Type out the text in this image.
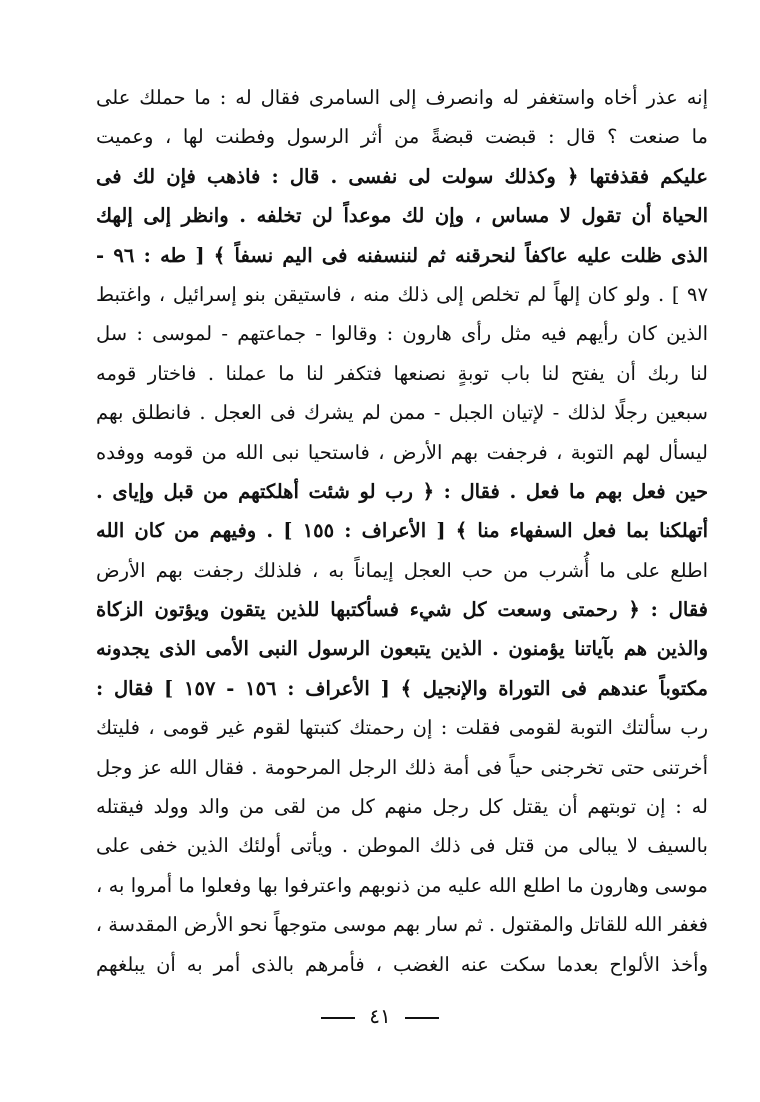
إنه عذر أخاه واستغفر له وانصرف إلى السامرى فقال له : ما حملك على
ما صنعت ؟ قال : قبضت قبضةً من أثر الرسول وفطنت لها ، وعميت
عليكم فقذفتها ﴿ وكذلك سولت لى نفسى . قال : فاذهب فإن لك فى
الحياة أن تقول لا مساس ، وإن لك موعداً لن تخلفه . وانظر إلى إلهك
الذى ظلت عليه عاكفاً لنحرقنه ثم لننسفنه فى اليم نسفاً ﴾ [ طه : ٩٦ -
٩٧ ] . ولو كان إلهاً لم تخلص إلى ذلك منه ، فاستيقن بنو إسرائيل ، واغتبط
الذين كان رأيهم فيه مثل رأى هارون : وقالوا - جماعتهم - لموسى : سل
لنا ربك أن يفتح لنا باب توبةٍ نصنعها فتكفر لنا ما عملنا . فاختار قومه
سبعين رجلًا لذلك - لإتيان الجبل - ممن لم يشرك فى العجل . فانطلق بهم
ليسأل لهم التوبة ، فرجفت بهم الأرض ، فاستحيا نبى الله من قومه ووفده
حين فعل بهم ما فعل . فقال : ﴿ رب لو شئت أهلكتهم من قبل وإياى .
أتهلكنا بما فعل السفهاء منا ﴾ [ الأعراف : ١٥٥ ] . وفيهم من كان الله
اطلع على ما أُشرب من حب العجل إيماناً به ، فلذلك رجفت بهم الأرض
فقال : ﴿ رحمتى وسعت كل شيء فسأكتبها للذين يتقون ويؤتون الزكاة
والذين هم بآياتنا يؤمنون . الذين يتبعون الرسول النبى الأمى الذى يجدونه
مكتوباً عندهم فى التوراة والإنجيل ﴾ [ الأعراف : ١٥٦ - ١٥٧ ] فقال :
رب سألتك التوبة لقومى فقلت : إن رحمتك كتبتها لقوم غير قومى ، فليتك
أخرتنى حتى تخرجنى حياً فى أمة ذلك الرجل المرحومة . فقال الله عز وجل
له : إن توبتهم أن يقتل كل رجل منهم كل من لقى من والد وولد فيقتله
بالسيف لا يبالى من قتل فى ذلك الموطن . ويأتى أولئك الذين خفى على
موسى وهارون ما اطلع الله عليه من ذنوبهم واعترفوا بها وفعلوا ما أمروا به ،
فغفر الله للقاتل والمقتول . ثم سار بهم موسى متوجهاً نحو الأرض المقدسة ،
وأخذ الألواح بعدما سكت عنه الغضب ، فأمرهم بالذى أمر به أن يبلغهم
٤١
